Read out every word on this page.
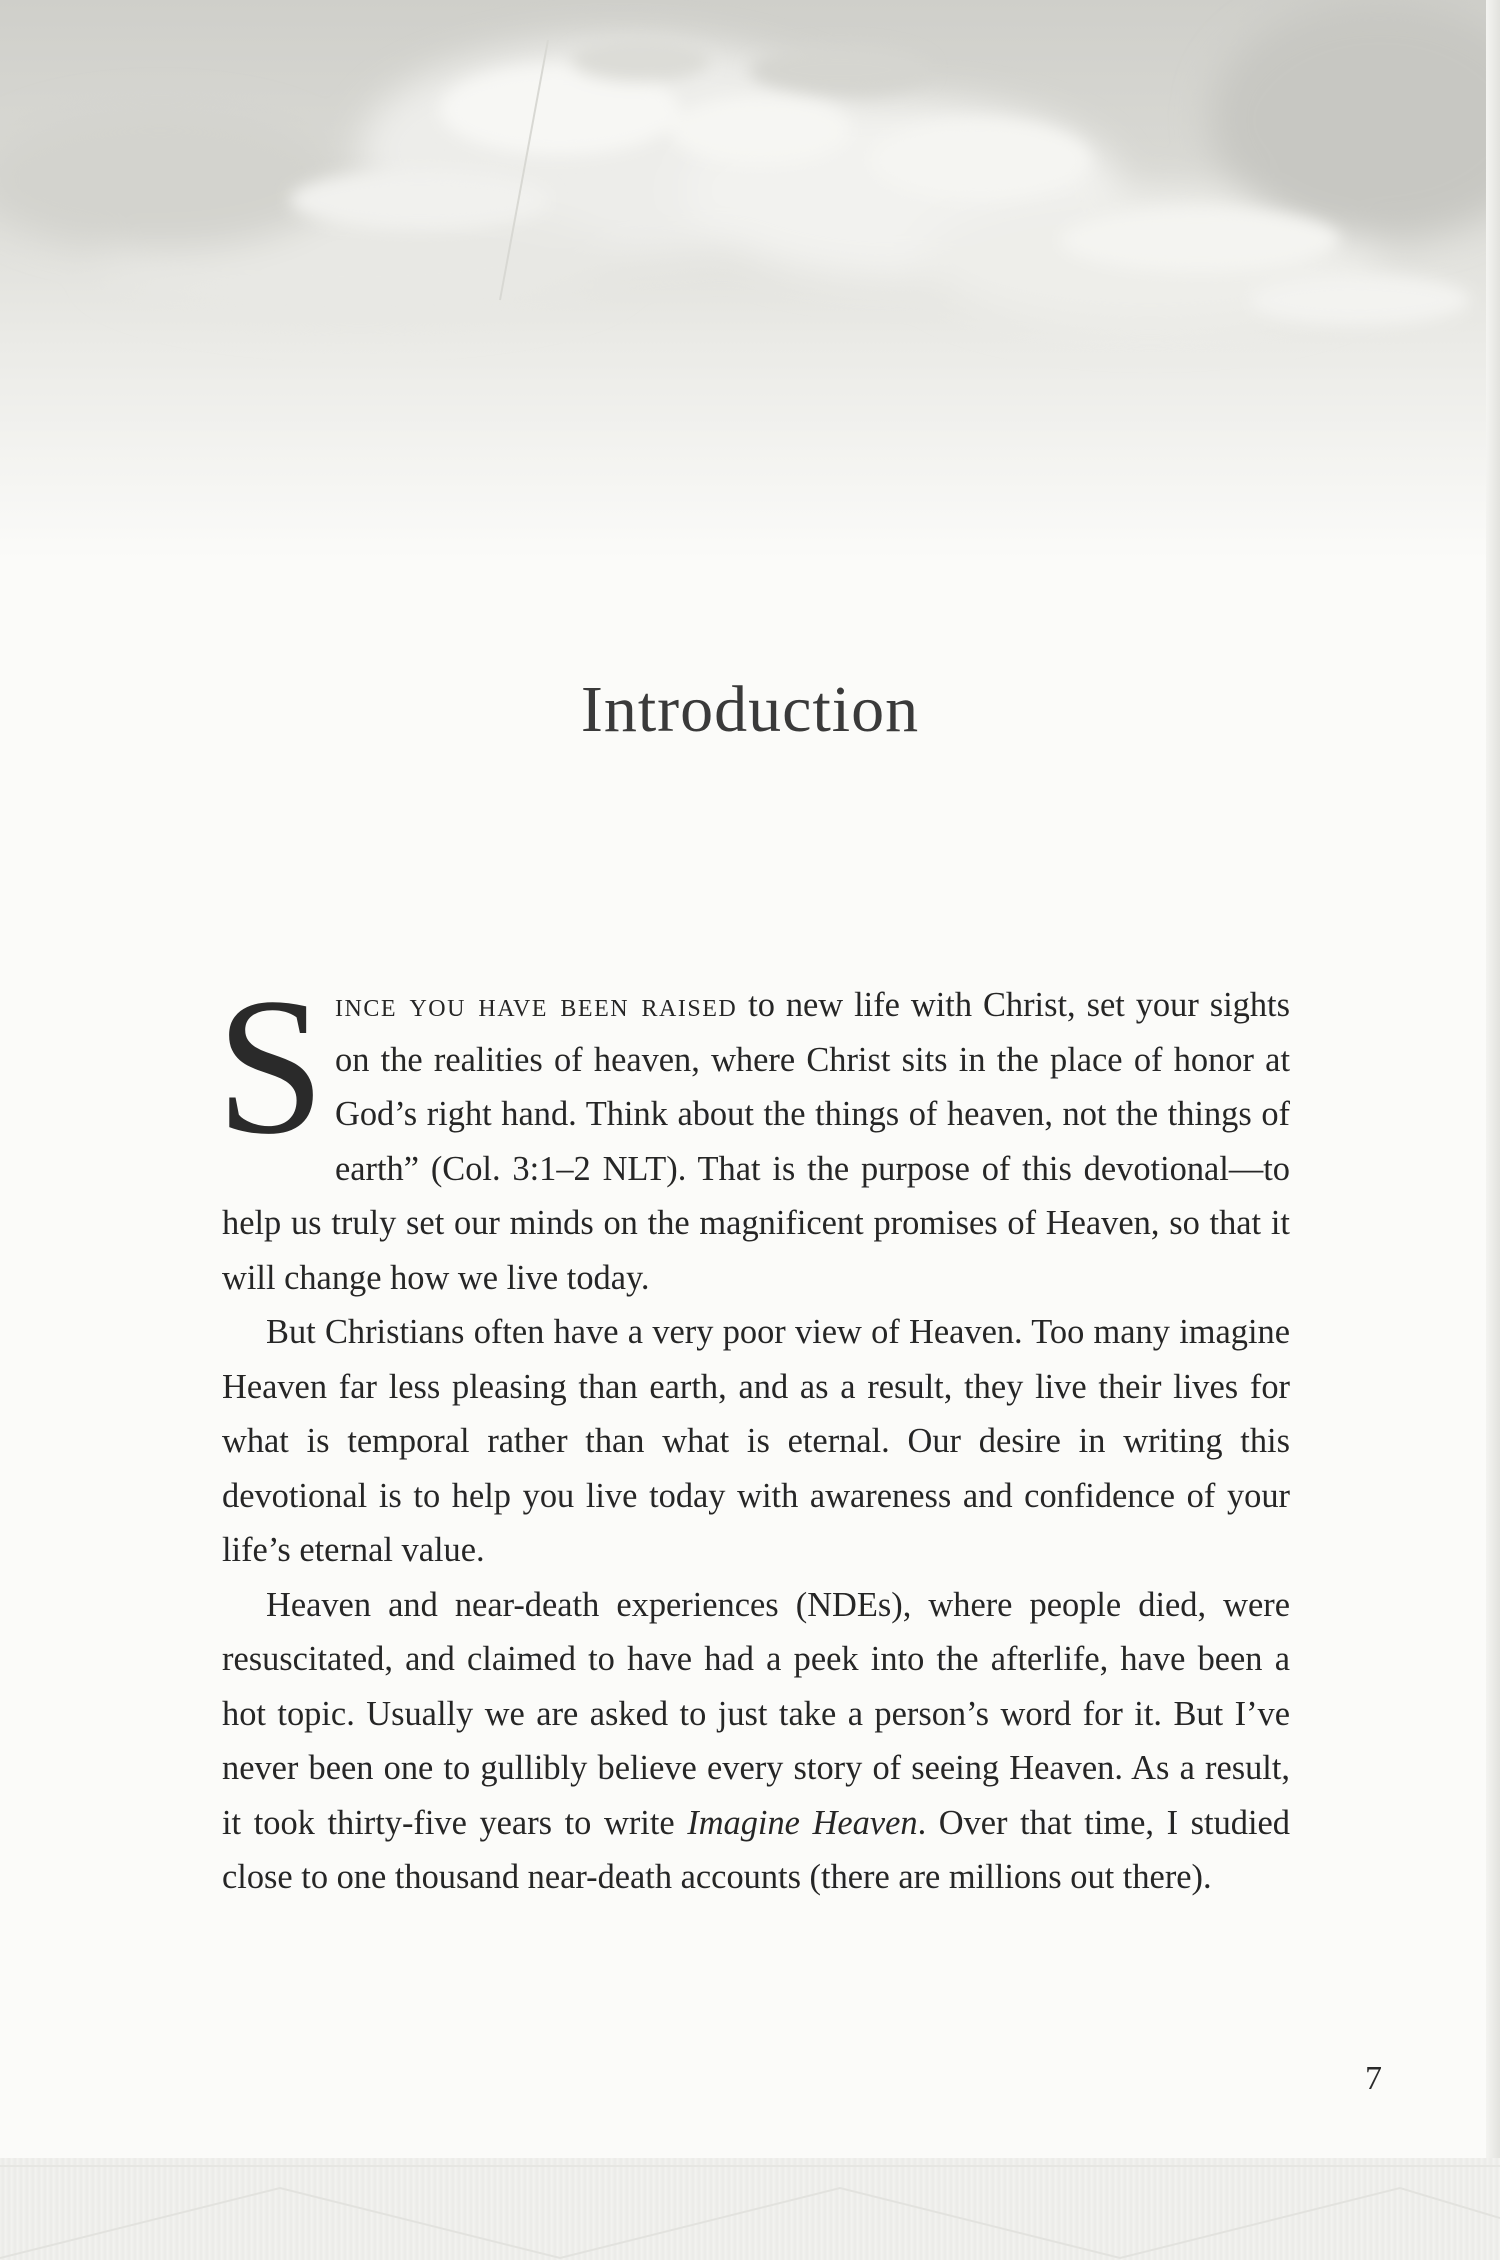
Introduction

Since you have been raised to new life with Christ, set your sights on the realities of heaven, where Christ sits in the place of honor at God’s right hand. Think about the things of heaven, not the things of earth” (Col. 3:1–2 NLT). That is the purpose of this devotional—to help us truly set our minds on the magnificent promises of Heaven, so that it will change how we live today.

But Christians often have a very poor view of Heaven. Too many imagine Heaven far less pleasing than earth, and as a result, they live their lives for what is temporal rather than what is eternal. Our desire in writing this devotional is to help you live today with awareness and confidence of your life’s eternal value.

Heaven and near-death experiences (NDEs), where people died, were resuscitated, and claimed to have had a peek into the afterlife, have been a hot topic. Usually we are asked to just take a person’s word for it. But I’ve never been one to gullibly believe every story of seeing Heaven. As a result, it took thirty-five years to write Imagine Heaven. Over that time, I studied close to one thousand near-death accounts (there are millions out there).

7
